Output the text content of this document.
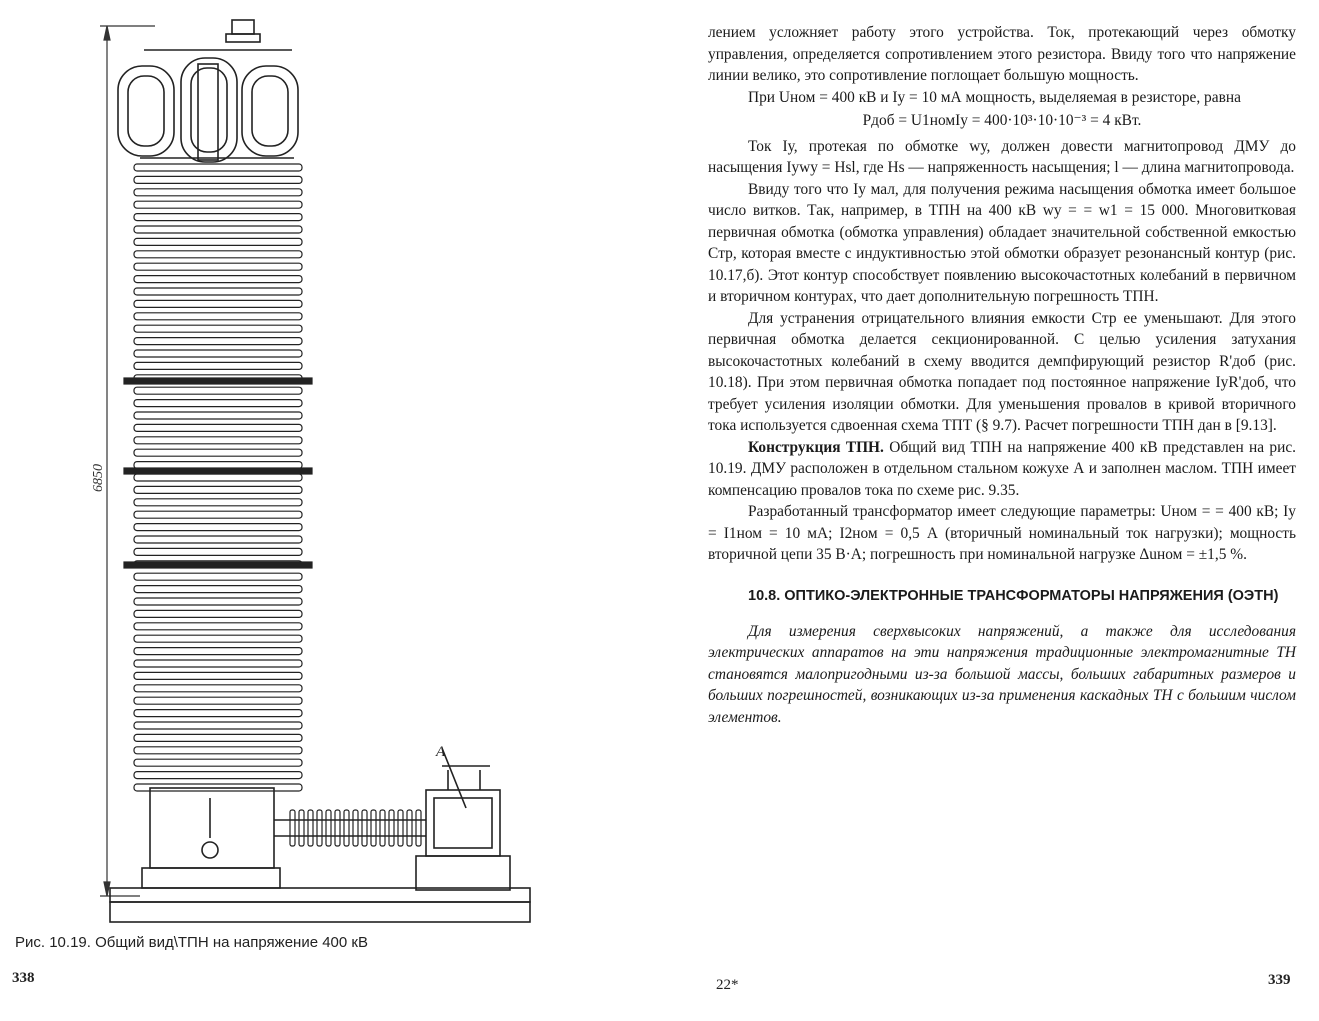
6850
A
Рис. 10.19. Общий вид\ТПН на напряжение 400 кВ
338

лением усложняет работу этого устройства. Ток, протекающий через обмотку управления, определяется сопротивлением этого резистора. Ввиду того что напряжение линии велико, это сопротивление поглощает большую мощность.

При Uном = 400 кВ и Iу = 10 мА мощность, выделяемая в резисторе, равна

Pдоб = U1номIу = 400·10³·10·10⁻³ = 4 кВт.

Ток Iу, протекая по обмотке wу, должен довести магнитопровод ДМУ до насыщения Iуwу = Hsl, где Hs — напряженность насыщения; l — длина магнитопровода.

Ввиду того что Iу мал, для получения режима насыщения обмотка имеет большое число витков. Так, например, в ТПН на 400 кВ wу = = w1 = 15 000. Многовитковая первичная обмотка (обмотка управления) обладает значительной собственной емкостью Cтр, которая вместе с индуктивностью этой обмотки образует резонансный контур (рис. 10.17,б). Этот контур способствует появлению высокочастотных колебаний в первичном и вторичном контурах, что дает дополнительную погрешность ТПН.

Для устранения отрицательного влияния емкости Cтр ее уменьшают. Для этого первичная обмотка делается секционированной. С целью усиления затухания высокочастотных колебаний в схему вводится демпфирующий резистор R'доб (рис. 10.18). При этом первичная обмотка попадает под постоянное напряжение IуR'доб, что требует усиления изоляции обмотки. Для уменьшения провалов в кривой вторичного тока используется сдвоенная схема ТПТ (§ 9.7). Расчет погрешности ТПН дан в [9.13].

Конструкция ТПН. Общий вид ТПН на напряжение 400 кВ представлен на рис. 10.19. ДМУ расположен в отдельном стальном кожухе А и заполнен маслом. ТПН имеет компенсацию провалов тока по схеме рис. 9.35.

Разработанный трансформатор имеет следующие параметры: Uном = = 400 кВ; Iу = I1ном = 10 мА; I2ном = 0,5 А (вторичный номинальный ток нагрузки); мощность вторичной цепи 35 В·А; погрешность при номинальной нагрузке Δuном = ±1,5 %.

10.8. ОПТИКО-ЭЛЕКТРОННЫЕ ТРАНСФОРМАТОРЫ НАПРЯЖЕНИЯ (ОЭТН)

Для измерения сверхвысоких напряжений, а также для исследования электрических аппаратов на эти напряжения традиционные электромагнитные ТН становятся малопригодными из-за большой массы, больших габаритных размеров и больших погрешностей, возникающих из-за применения каскадных ТН с большим числом элементов.

22*	339
